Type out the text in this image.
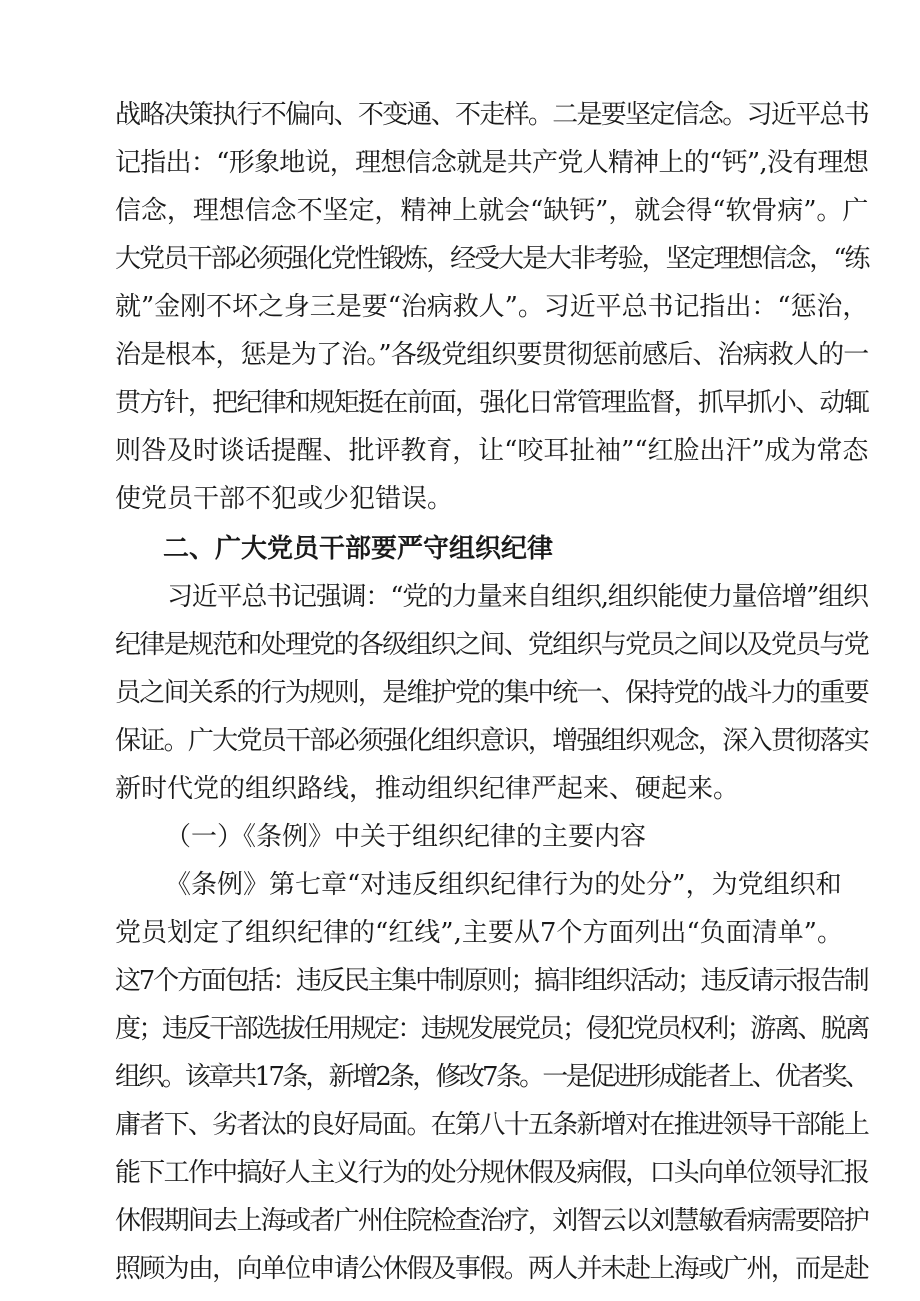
战略决策执行不偏向、不变通、不走样。二是要坚定信念。习近平总书

记指出：“形象地说，理想信念就是共产党人精神上的“钙”,没有理想

信念，理想信念不坚定，精神上就会“缺钙”，就会得“软骨病”。广

大党员干部必须强化党性锻炼，经受大是大非考验，坚定理想信念，“练

就”金刚不坏之身三是要“治病救人”。习近平总书记指出：“惩治，

治是根本，惩是为了治。”各级党组织要贯彻惩前感后、治病救人的一

贯方针，把纪律和规矩挺在前面，强化日常管理监督，抓早抓小、动辄

则咎及时谈话提醒、批评教育，让“咬耳扯袖”“红脸出汗”成为常态

使党员干部不犯或少犯错误。

二、广大党员干部要严守组织纪律

习近平总书记强调：“党的力量来自组织,组织能使力量倍增”组织

纪律是规范和处理党的各级组织之间、党组织与党员之间以及党员与党

员之间关系的行为规则，是维护党的集中统一、保持党的战斗力的重要

保证。广大党员干部必须强化组织意识，增强组织观念，深入贯彻落实

新时代党的组织路线，推动组织纪律严起来、硬起来。

（一）《条例》中关于组织纪律的主要内容

《条例》第七章“对违反组织纪律行为的处分”，为党组织和

党员划定了组织纪律的“红线”,主要从7个方面列出“负面清单”。

这7个方面包括：违反民主集中制原则；搞非组织活动；违反请示报告制

度；违反干部选拔任用规定：违规发展党员；侵犯党员权利；游离、脱离

组织。该章共17条，新增2条，修改7条。一是促进形成能者上、优者奖、

庸者下、劣者汰的良好局面。在第八十五条新增对在推进领导干部能上

能下工作中搞好人主义行为的处分规休假及病假，口头向单位领导汇报

休假期间去上海或者广州住院检查治疗，刘智云以刘慧敏看病需要陪护

照顾为由，向单位申请公休假及事假。两人并未赴上海或广州，而是赴
